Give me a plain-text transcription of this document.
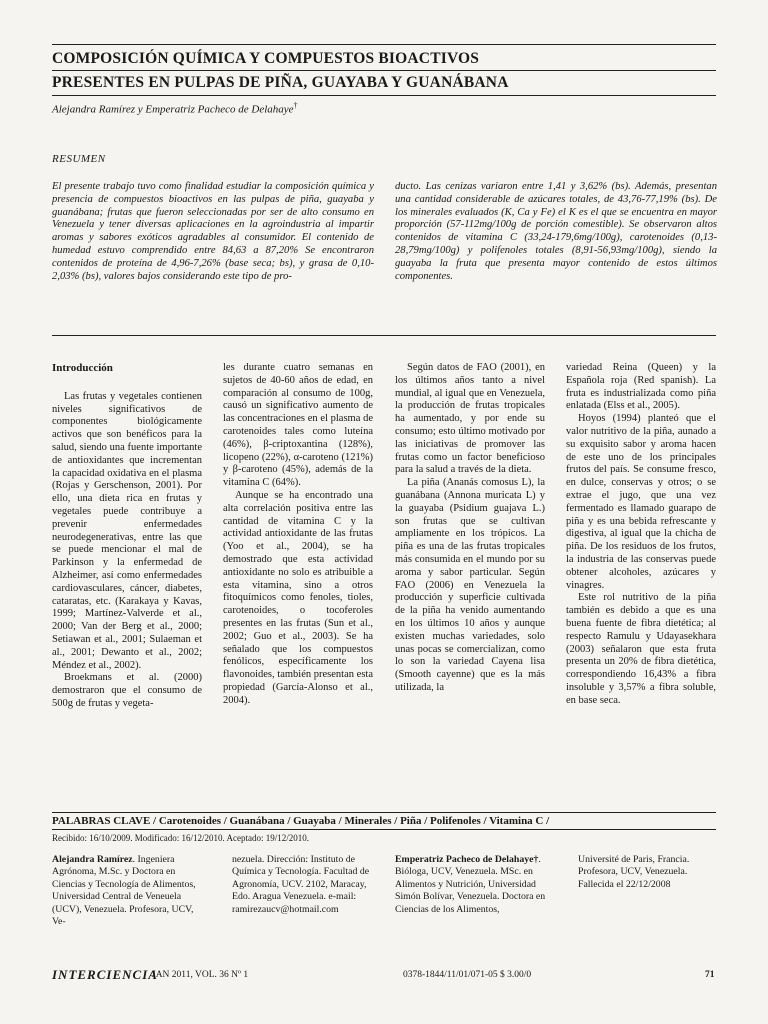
COMPOSICIÓN QUÍMICA Y COMPUESTOS BIOACTIVOS
PRESENTES EN PULPAS DE PIÑA, GUAYABA Y GUANÁBANA
Alejandra Ramírez y Emperatriz Pacheco de Delahaye†
RESUMEN
El presente trabajo tuvo como finalidad estudiar la composición química y presencia de compuestos bioactivos en las pulpas de piña, guayaba y guanábana; frutas que fueron seleccionadas por ser de alto consumo en Venezuela y tener diversas aplicaciones en la agroindustria al impartir aromas y sabores exóticos agradables al consumidor. El contenido de humedad estuvo comprendido entre 84,63 a 87,20% Se encontraron contenidos de proteína de 4,96-7,26% (base seca; bs), y grasa de 0,10-2,03% (bs), valores bajos considerando este tipo de pro-
ducto. Las cenizas variaron entre 1,41 y 3,62% (bs). Además, presentan una cantidad considerable de azúcares totales, de 43,76-77,19% (bs). De los minerales evaluados (K, Ca y Fe) el K es el que se encuentra en mayor proporción (57-112mg/100g de porción comestible). Se observaron altos contenidos de vitamina C (33,24-179,6mg/100g), carotenoides (0,13-28,79mg/100g) y polifenoles totales (8,91-56,93mg/100g), siendo la guayaba la fruta que presenta mayor contenido de estos últimos componentes.
Introducción

Las frutas y vegetales contienen niveles significativos de componentes biológicamente activos que son benéficos para la salud, siendo una fuente importante de antioxidantes que incrementan la capacidad oxidativa en el plasma (Rojas y Gerschenson, 2001). Por ello, una dieta rica en frutas y vegetales puede contribuye a prevenir enfermedades neurodegenerativas, entre las que se puede mencionar el mal de Parkinson y la enfermedad de Alzheimer, así como enfermedades cardiovasculares, cáncer, diabetes, cataratas, etc. (Karakaya y Kavas, 1999; Martínez-Valverde et al., 2000; Van der Berg et al., 2000; Setiawan et al., 2001; Sulaeman et al., 2001; Dewanto et al., 2002; Méndez et al., 2002).

Broekmans et al. (2000) demostraron que el consumo de 500g de frutas y vegeta-

les durante cuatro semanas en sujetos de 40-60 años de edad, en comparación al consumo de 100g, causó un significativo aumento de las concentraciones en el plasma de carotenoides tales como luteína (46%), β-criptoxantina (128%), licopeno (22%), α-caroteno (121%) y β-caroteno (45%), además de la vitamina C (64%).

Aunque se ha encontrado una alta correlación positiva entre las cantidad de vitamina C y la actividad antioxidante de las frutas (Yoo et al., 2004), se ha demostrado que esta actividad antioxidante no solo es atribuible a esta vitamina, sino a otros fitoquímicos como fenoles, tioles, carotenoides, o tocoferoles presentes en las frutas (Sun et al., 2002; Guo et al., 2003). Se ha señalado que los compuestos fenólicos, específicamente los flavonoides, también presentan esta propiedad (García-Alonso et al., 2004).

Según datos de FAO (2001), en los últimos años tanto a nivel mundial, al igual que en Venezuela, la producción de frutas tropicales ha aumentado, y por ende su consumo; esto último motivado por las iniciativas de promover las frutas como un factor beneficioso para la salud a través de la dieta.

La piña (Ananás comosus L), la guanábana (Annona muricata L) y la guayaba (Psidium guajava L.) son frutas que se cultivan ampliamente en los trópicos. La piña es una de las frutas tropicales más consumida en el mundo por su aroma y sabor particular. Según FAO (2006) en Venezuela la producción y superficie cultivada de la piña ha venido aumentando en los últimos 10 años y aunque existen muchas variedades, solo unas pocas se comercializan, como lo son la variedad Cayena lisa (Smooth cayenne) que es la más utilizada, la

variedad Reina (Queen) y la Española roja (Red spanish). La fruta es industrializada como piña enlatada (Elss et al., 2005).

Hoyos (1994) planteó que el valor nutritivo de la piña, aunado a su exquisito sabor y aroma hacen de este uno de los principales frutos del país. Se consume fresco, en dulce, conservas y otros; o se extrae el jugo, que una vez fermentado es llamado guarapo de piña y es una bebida refrescante y digestiva, al igual que la chicha de piña. De los residuos de los frutos, la industria de las conservas puede obtener alcoholes, azúcares y vinagres.

Este rol nutritivo de la piña también es debido a que es una buena fuente de fibra dietética; al respecto Ramulu y Udayasekhara (2003) señalaron que esta fruta presenta un 20% de fibra dietética, correspondiendo 16,43% a fibra insoluble y 3,57% a fibra soluble, en base seca.

PALABRAS CLAVE / Carotenoides / Guanábana / Guayaba / Minerales / Piña / Polifenoles / Vitamina C /
Recibido: 16/10/2009. Modificado: 16/12/2010. Aceptado: 19/12/2010.

Alejandra Ramírez. Ingeniera Agrónoma, M.Sc. y Doctora en Ciencias y Tecnología de Alimentos, Universidad Central de Veneuela (UCV), Venezuela. Profesora, UCV, Ve-

nezuela. Dirección: Instituto de Química y Tecnología. Facultad de Agronomía, UCV. 2102, Maracay, Edo. Aragua Venezuela. e-mail: ramirezaucv@hotmail.com

Emperatriz Pacheco de Delahaye†. Bióloga, UCV, Venezuela. MSc. en Alimentos y Nutrición, Universidad Simón Bolívar, Venezuela. Doctora en Ciencias de los Alimentos,

Université de Paris, Francia. Profesora, UCV, Venezuela. Fallecida el 22/12/2008

INTERCIENCIA
JAN 2011, VOL. 36 Nº 1	0378-1844/11/01/071-05 $ 3.00/0	71
